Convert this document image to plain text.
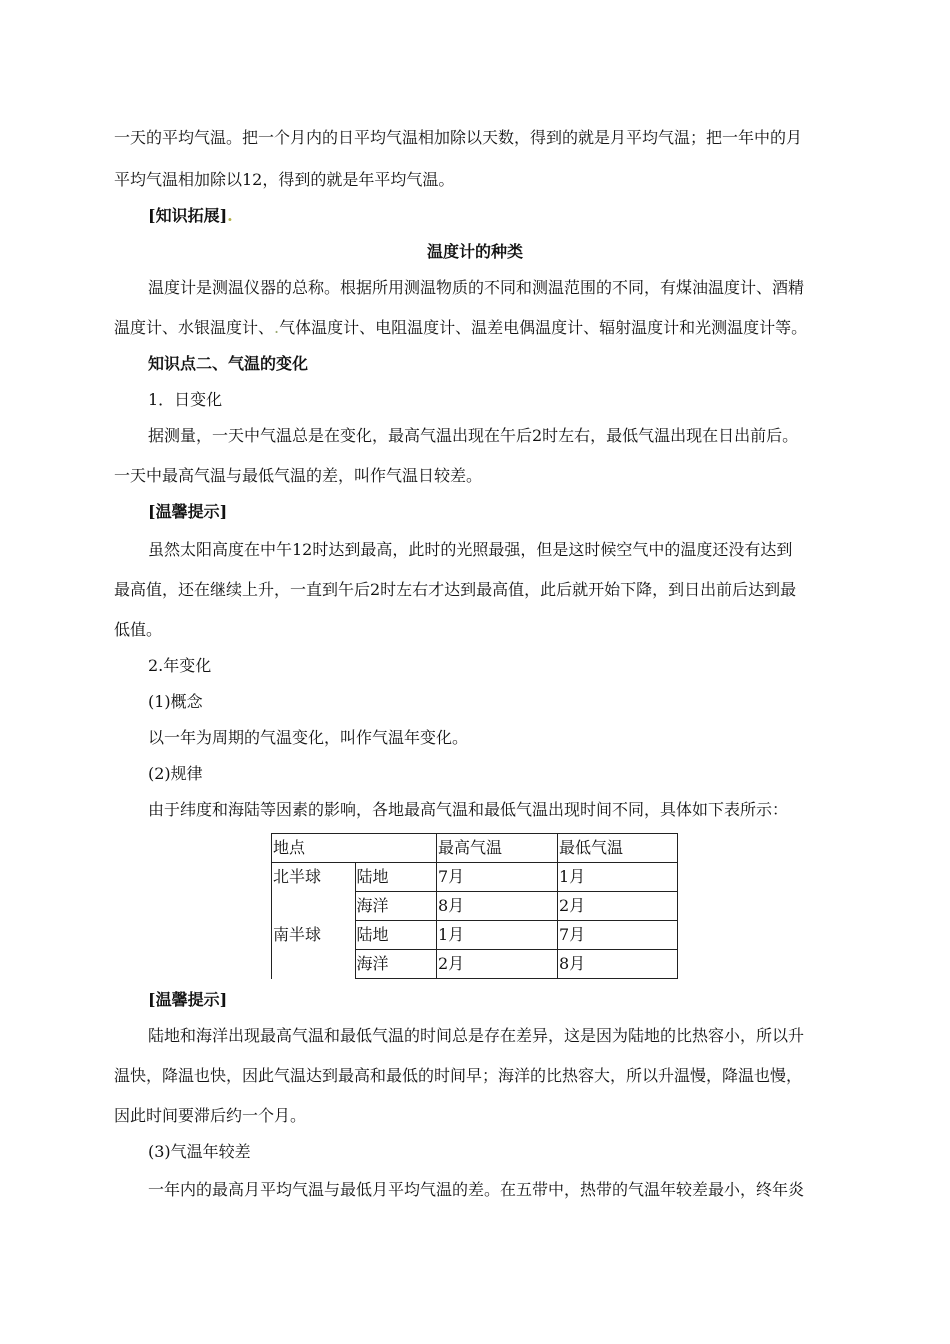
一天的平均气温。把一个月内的日平均气温相加除以天数，得到的就是月平均气温；把一年中的月
平均气温相加除以12，得到的就是年平均气温。
[知识拓展].
温度计的种类
温度计是测温仪器的总称。根据所用测温物质的不同和测温范围的不同，有煤油温度计、酒精
温度计、水银温度计、.气体温度计、电阻温度计、温差电偶温度计、辐射温度计和光测温度计等。
知识点二、气温的变化
1．日变化
据测量，一天中气温总是在变化，最高气温出现在午后2时左右，最低气温出现在日出前后。
一天中最高气温与最低气温的差，叫作气温日较差。
[温馨提示]
虽然太阳高度在中午12时达到最高，此时的光照最强，但是这时候空气中的温度还没有达到
最高值，还在继续上升，一直到午后2时左右才达到最高值，此后就开始下降，到日出前后达到最
低值。
2.年变化
(1)概念
以一年为周期的气温变化，叫作气温年变化。
(2)规律
由于纬度和海陆等因素的影响，各地最高气温和最低气温出现时间不同，具体如下表所示：
地点		最高气温	最低气温
北半球	陆地	7月	1月
	海洋	8月	2月
南半球	陆地	1月	7月
	海洋	2月	8月
[温馨提示]
陆地和海洋出现最高气温和最低气温的时间总是存在差异，这是因为陆地的比热容小，所以升
温快，降温也快，因此气温达到最高和最低的时间早；海洋的比热容大，所以升温慢，降温也慢，
因此时间要滞后约一个月。
(3)气温年较差
一年内的最高月平均气温与最低月平均气温的差。在五带中，热带的气温年较差最小，终年炎
